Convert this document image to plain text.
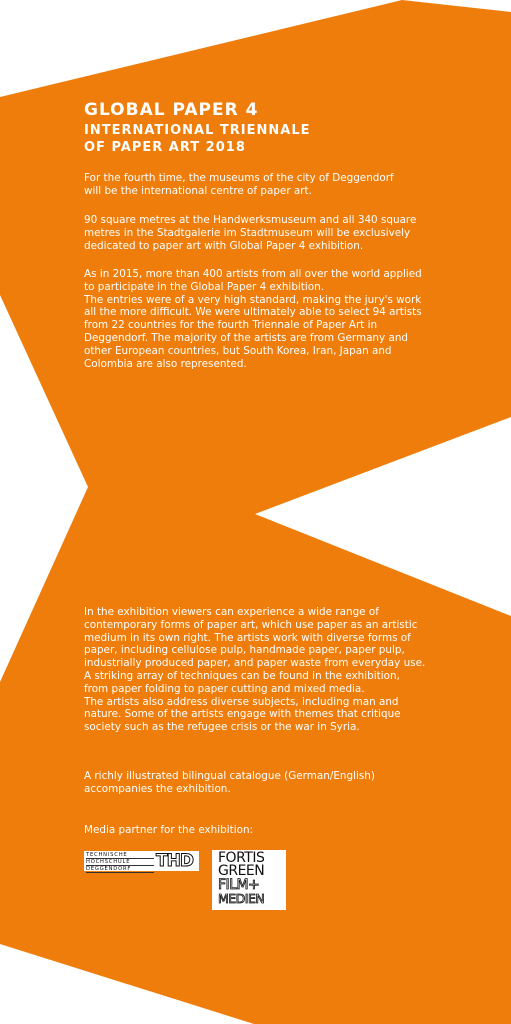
GLOBAL PAPER 4

INTERNATIONAL TRIENNALE

OF PAPER ART 2018

For the fourth time, the museums of the city of Deggendorf
will be the international centre of paper art.

90 square metres at the Handwerksmuseum and all 340 square
metres in the Stadtgalerie im Stadtmuseum will be exclusively
dedicated to paper art with Global Paper 4 exhibition.

As in 2015, more than 400 artists from all over the world applied
to participate in the Global Paper 4 exhibition.
The entries were of a very high standard, making the jury's work
all the more difficult. We were ultimately able to select 94 artists
from 22 countries for the fourth Triennale of Paper Art in
Deggendorf. The majority of the artists are from Germany and
other European countries, but South Korea, Iran, Japan and
Colombia are also represented.

In the exhibition viewers can experience a wide range of
contemporary forms of paper art, which use paper as an artistic
medium in its own right. The artists work with diverse forms of
paper, including cellulose pulp, handmade paper, paper pulp,
industrially produced paper, and paper waste from everyday use.
A striking array of techniques can be found in the exhibition,
from paper folding to paper cutting and mixed media.
The artists also address diverse subjects, including man and
nature. Some of the artists engage with themes that critique
society such as the refugee crisis or the war in Syria.

A richly illustrated bilingual catalogue (German/English)
accompanies the exhibition.

Media partner for the exhibition:

TECHNISCHE
HOCHSCHULE
DEGGENDORF	THD FORTIS
GREEN
FILM+
MEDIEN
